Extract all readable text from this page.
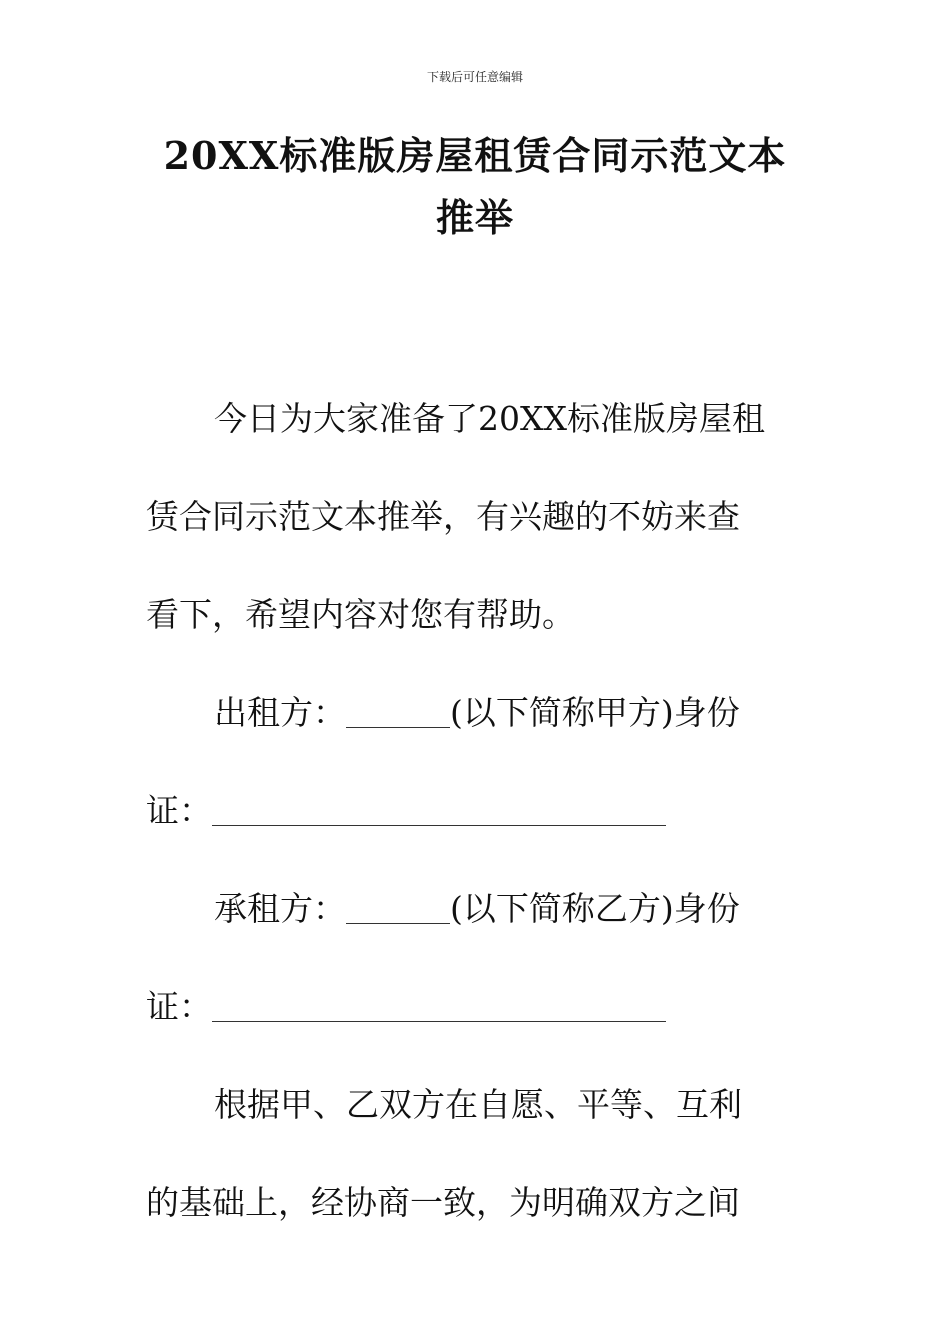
下载后可任意编辑
20XX标准版房屋租赁合同示范文本
推举

今日为大家准备了20XX标准版房屋租
赁合同示范文本推举，有兴趣的不妨来查
看下，希望内容对您有帮助。

出租方：	(以下简称甲方)身份
证：

承租方：	(以下简称乙方)身份
证：

根据甲、乙双方在自愿、平等、互利
的基础上，经协商一致，为明确双方之间
